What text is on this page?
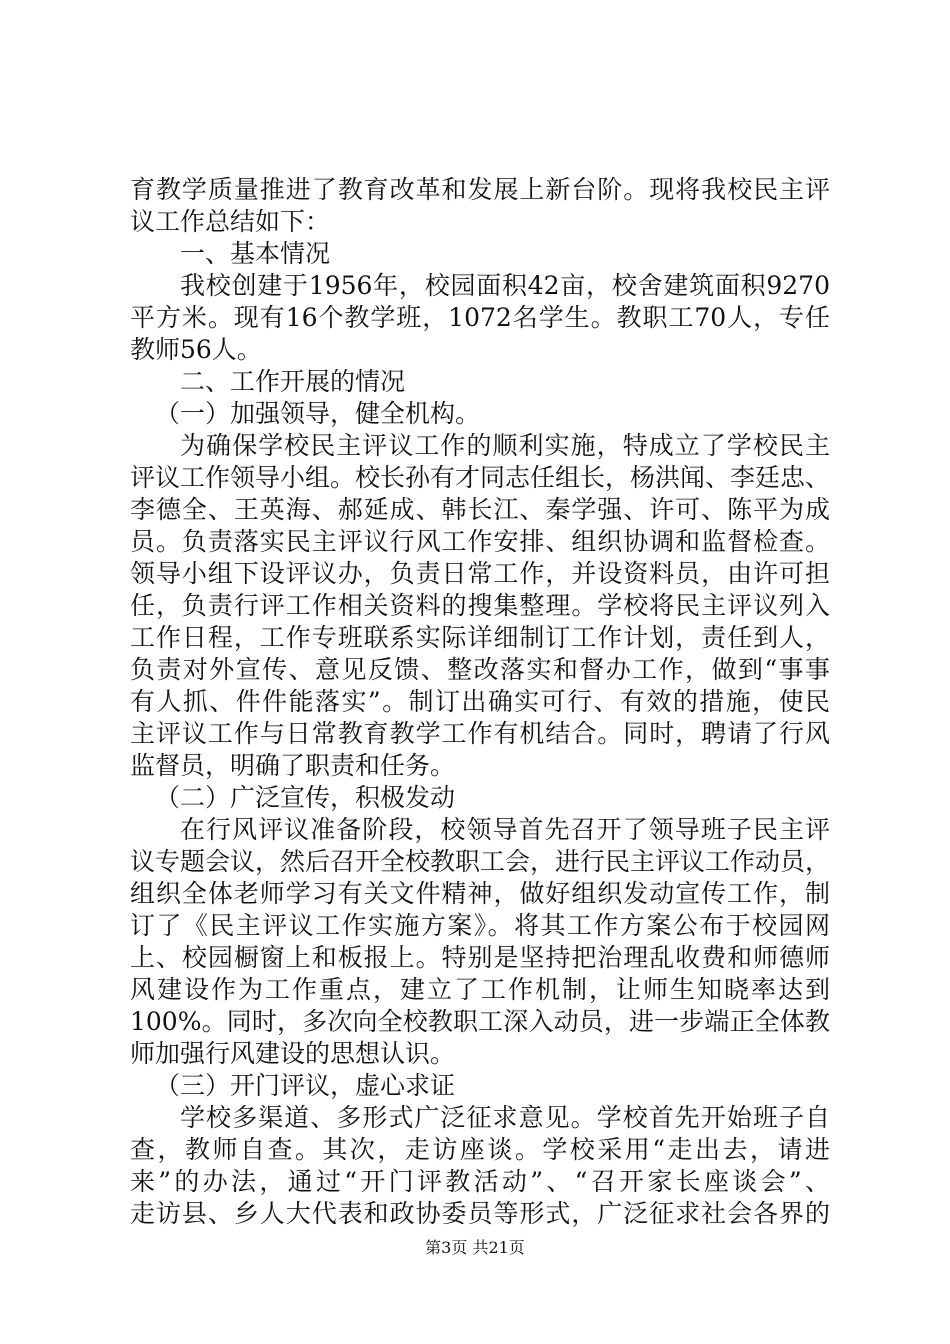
育教学质量推进了教育改革和发展上新台阶。现将我校民主评
议工作总结如下：
一、基本情况
我校创建于1956年，校园面积42亩，校舍建筑面积9270
平方米。现有16个教学班，1072名学生。教职工70人，专任
教师56人。
二、工作开展的情况
（一）加强领导，健全机构。
为确保学校民主评议工作的顺利实施，特成立了学校民主
评议工作领导小组。校长孙有才同志任组长，杨洪闻、李廷忠、
李德全、王英海、郝延成、韩长江、秦学强、许可、陈平为成
员。负责落实民主评议行风工作安排、组织协调和监督检查。
领导小组下设评议办，负责日常工作，并设资料员，由许可担
任，负责行评工作相关资料的搜集整理。学校将民主评议列入
工作日程，工作专班联系实际详细制订工作计划，责任到人，
负责对外宣传、意见反馈、整改落实和督办工作，做到“事事
有人抓、件件能落实”。制订出确实可行、有效的措施，使民
主评议工作与日常教育教学工作有机结合。同时，聘请了行风
监督员，明确了职责和任务。
（二）广泛宣传，积极发动
在行风评议准备阶段，校领导首先召开了领导班子民主评
议专题会议，然后召开全校教职工会，进行民主评议工作动员，
组织全体老师学习有关文件精神，做好组织发动宣传工作，制
订了《民主评议工作实施方案》。将其工作方案公布于校园网
上、校园橱窗上和板报上。特别是坚持把治理乱收费和师德师
风建设作为工作重点，建立了工作机制，让师生知晓率达到
100%。同时，多次向全校教职工深入动员，进一步端正全体教
师加强行风建设的思想认识。
（三）开门评议，虚心求证
学校多渠道、多形式广泛征求意见。学校首先开始班子自
查，教师自查。其次，走访座谈。学校采用“走出去，请进
来”的办法，通过“开门评教活动”、“召开家长座谈会”、
走访县、乡人大代表和政协委员等形式，广泛征求社会各界的
第3页 共21页
